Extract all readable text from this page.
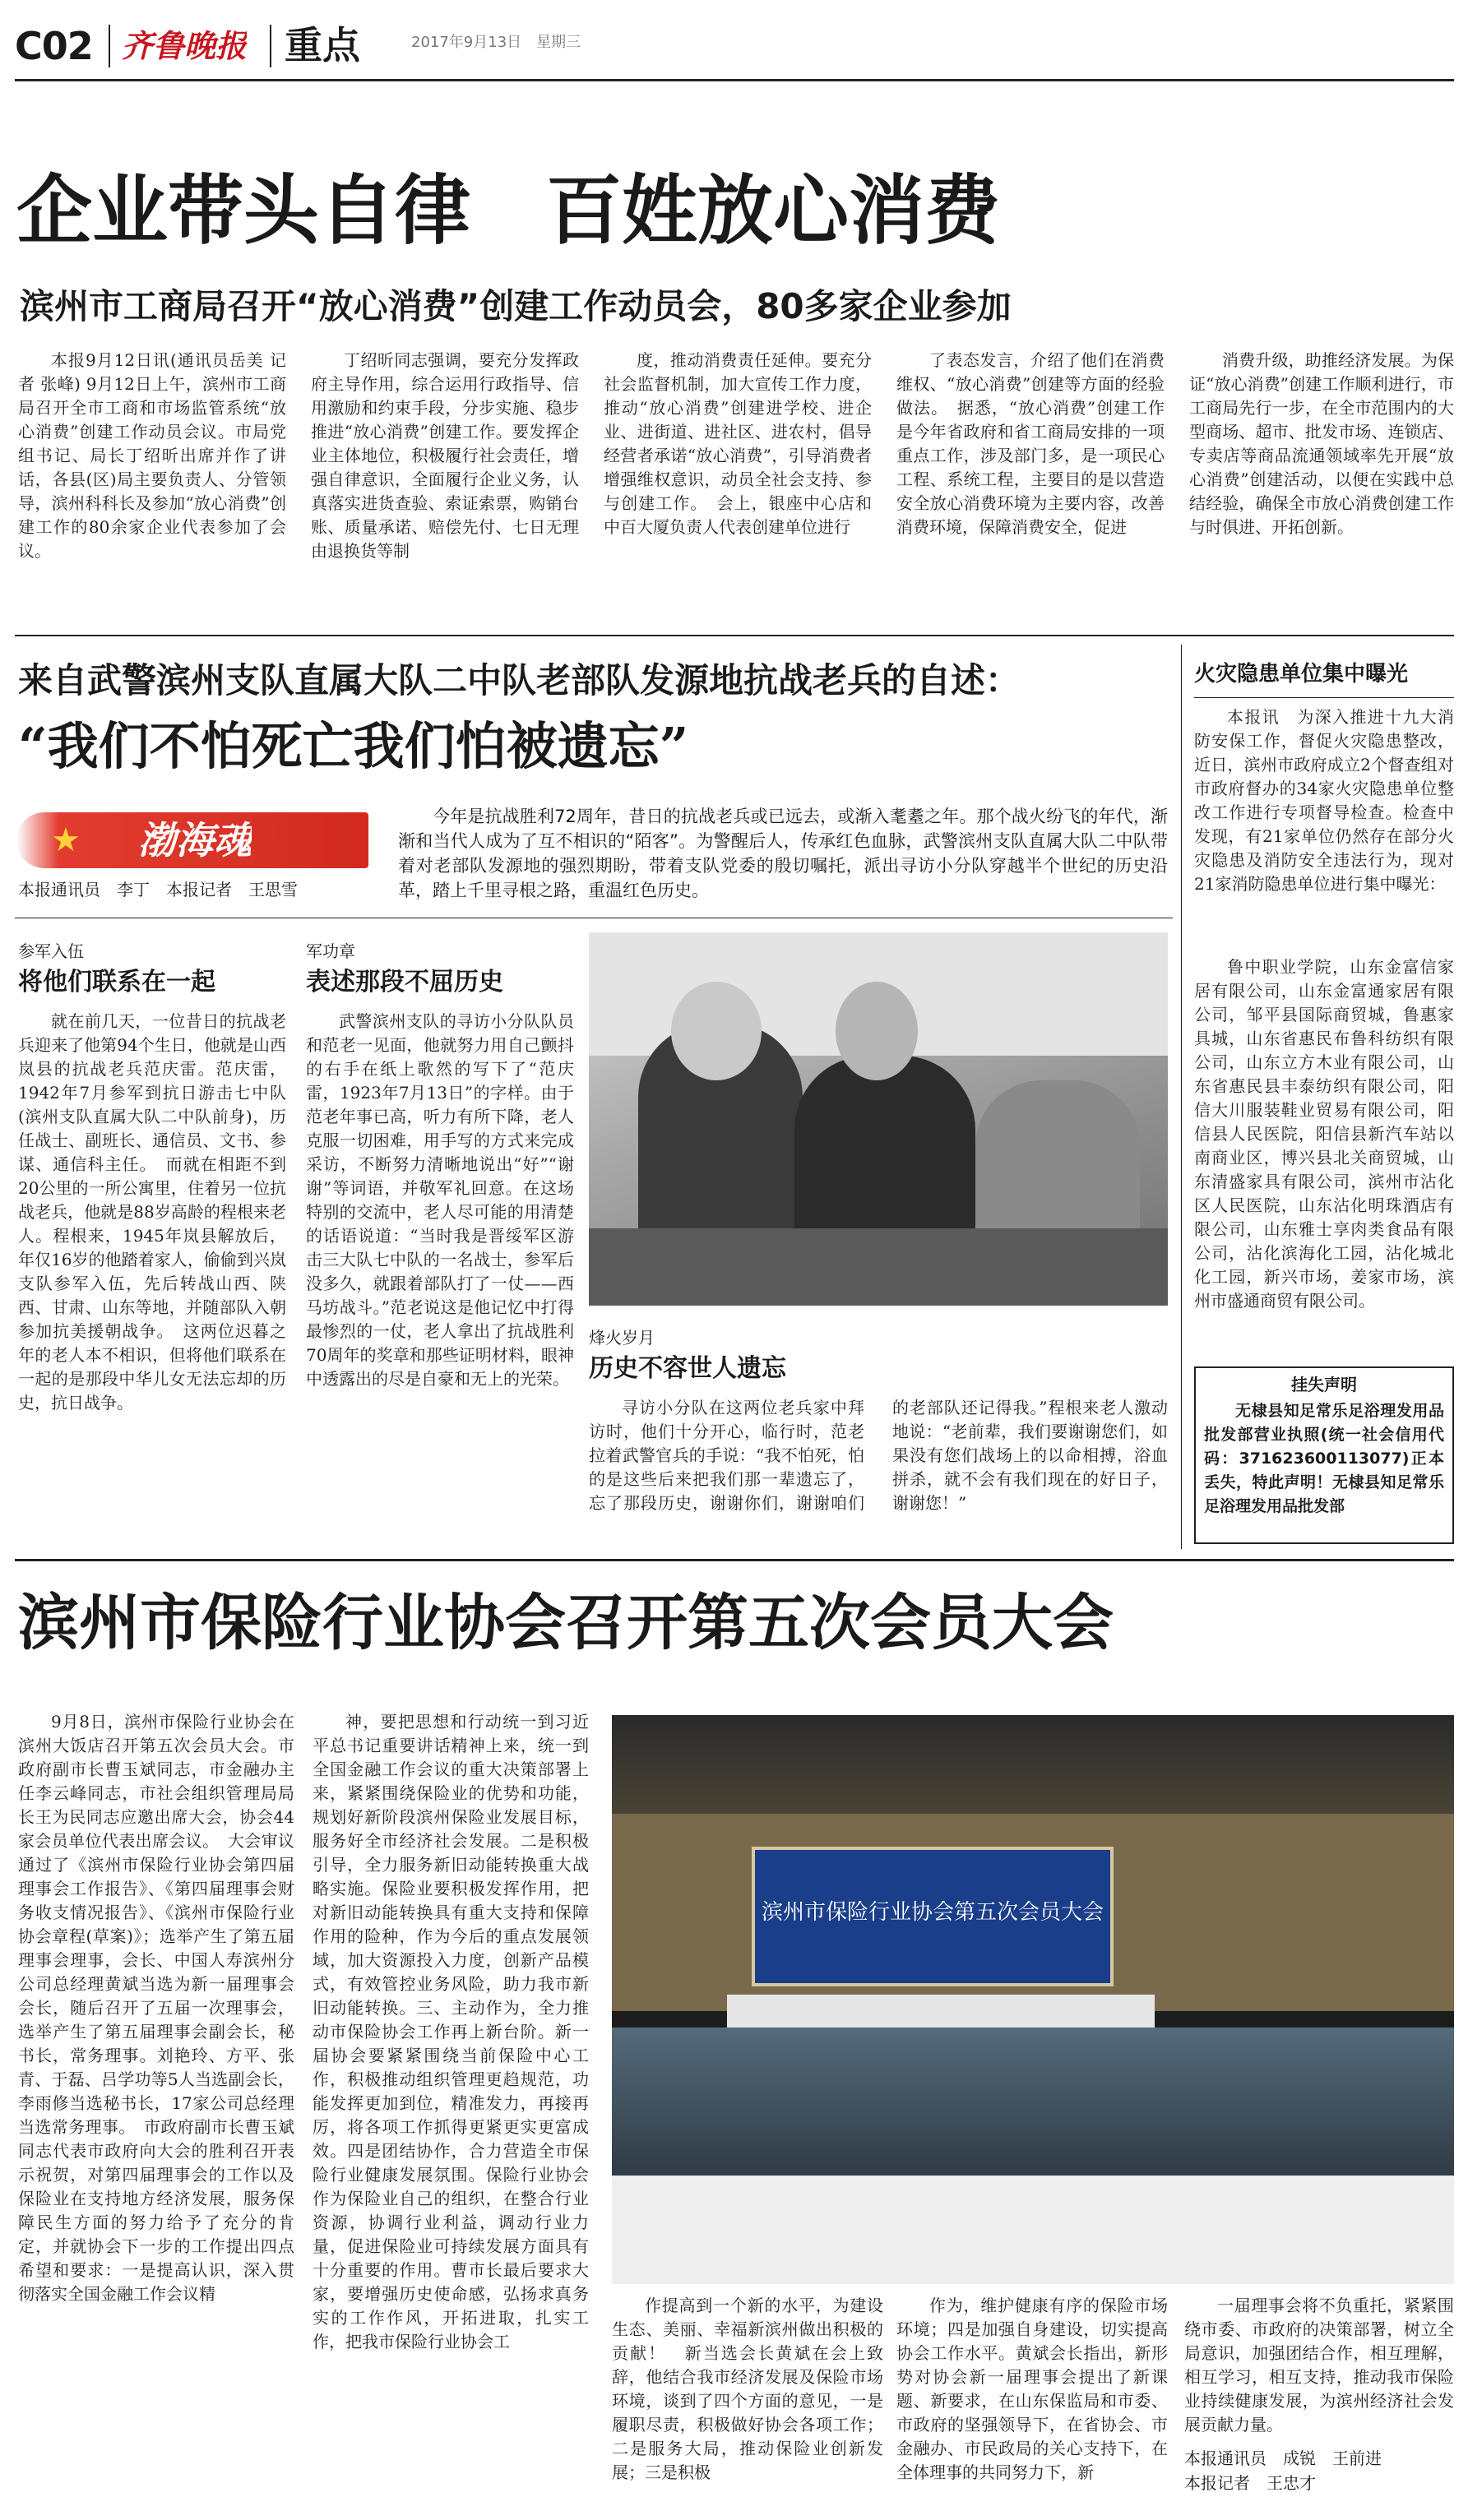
C02 齐鲁晚报 重点	2017年9月13日　星期三
企业带头自律　百姓放心消费
滨州市工商局召开“放心消费”创建工作动员会，80多家企业参加

本报9月12日讯(通讯员岳美 记者 张峰) 9月12日上午，滨州市工商局召开全市工商和市场监管系统“放心消费”创建工作动员会议。市局党组书记、局长丁绍昕出席并作了讲话，各县(区)局主要负责人、分管领导，滨州科科长及参加“放心消费”创建工作的80余家企业代表参加了会议。

丁绍昕同志强调，要充分发挥政府主导作用，综合运用行政指导、信用激励和约束手段，分步实施、稳步推进“放心消费”创建工作。要发挥企业主体地位，积极履行社会责任，增强自律意识，全面履行企业义务，认真落实进货查验、索证索票，购销台账、质量承诺、赔偿先付、七日无理由退换货等制

度，推动消费责任延伸。要充分社会监督机制，加大宣传工作力度，推动“放心消费”创建进学校、进企业、进街道、进社区、进农村，倡导经营者承诺“放心消费”，引导消费者增强维权意识，动员全社会支持、参与创建工作。　会上，银座中心店和中百大厦负责人代表创建单位进行

了表态发言，介绍了他们在消费维权、“放心消费”创建等方面的经验做法。　据悉，“放心消费”创建工作是今年省政府和省工商局安排的一项重点工作，涉及部门多，是一项民心工程、系统工程，主要目的是以营造安全放心消费环境为主要内容，改善消费环境，保障消费安全，促进

消费升级，助推经济发展。为保证“放心消费”创建工作顺利进行，市工商局先行一步，在全市范围内的大型商场、超市、批发市场、连锁店、专卖店等商品流通领域率先开展“放心消费”创建活动，以便在实践中总结经验，确保全市放心消费创建工作与时俱进、开拓创新。

来自武警滨州支队直属大队二中队老部队发源地抗战老兵的自述：
“我们不怕死亡我们怕被遗忘”
★ 渤海魂
本报通讯员　李丁　本报记者　王思雪

今年是抗战胜利72周年，昔日的抗战老兵或已远去，或渐入耄耋之年。那个战火纷飞的年代，渐渐和当代人成为了互不相识的“陌客”。为警醒后人，传承红色血脉，武警滨州支队直属大队二中队带着对老部队发源地的强烈期盼，带着支队党委的殷切嘱托，派出寻访小分队穿越半个世纪的历史沿革，踏上千里寻根之路，重温红色历史。

参军入伍
将他们联系在一起

就在前几天，一位昔日的抗战老兵迎来了他第94个生日，他就是山西岚县的抗战老兵范庆雷。范庆雷，1942年7月参军到抗日游击七中队(滨州支队直属大队二中队前身)，历任战士、副班长、通信员、文书、参谋、通信科主任。　而就在相距不到20公里的一所公寓里，住着另一位抗战老兵，他就是88岁高龄的程根来老人。程根来，1945年岚县解放后，年仅16岁的他踏着家人，偷偷到兴岚支队参军入伍，先后转战山西、陕西、甘肃、山东等地，并随部队入朝参加抗美援朝战争。　这两位迟暮之年的老人本不相识，但将他们联系在一起的是那段中华儿女无法忘却的历史，抗日战争。

军功章
表述那段不屈历史

武警滨州支队的寻访小分队队员和范老一见面，他就努力用自己颤抖的右手在纸上歌然的写下了“范庆雷，1923年7月13日”的字样。由于范老年事已高，听力有所下降，老人克服一切困难，用手写的方式来完成采访，不断努力清晰地说出“好”“谢谢”等词语，并敬军礼回意。在这场特别的交流中，老人尽可能的用清楚的话语说道：“当时我是晋绥军区游击三大队七中队的一名战士，参军后没多久，就跟着部队打了一仗——西马坊战斗。”范老说这是他记忆中打得最惨烈的一仗，老人拿出了抗战胜利70周年的奖章和那些证明材料，眼神中透露出的尽是自豪和无上的光荣。

烽火岁月
历史不容世人遗忘

寻访小分队在这两位老兵家中拜访时，他们十分开心，临行时，范老拉着武警官兵的手说：“我不怕死，怕的是这些后来把我们那一辈遗忘了，忘了那段历史，谢谢你们，谢谢咱们的老部队还记得我。”程根来老人激动地说：“老前辈，我们要谢谢您们，如果没有您们战场上的以命相搏，浴血拼杀，就不会有我们现在的好日子，谢谢您！”

火灾隐患单位集中曝光

本报讯　为深入推进十九大消防安保工作，督促火灾隐患整改，近日，滨州市政府成立2个督查组对市政府督办的34家火灾隐患单位整改工作进行专项督导检查。检查中发现，有21家单位仍然存在部分火灾隐患及消防安全违法行为，现对21家消防隐患单位进行集中曝光：

鲁中职业学院，山东金富信家居有限公司，山东金富通家居有限公司，邹平县国际商贸城，鲁惠家具城，山东省惠民布鲁科纺织有限公司，山东立方木业有限公司，山东省惠民县丰泰纺织有限公司，阳信大川服装鞋业贸易有限公司，阳信县人民医院，阳信县新汽车站以南商业区，博兴县北关商贸城，山东清盛家具有限公司，滨州市沾化区人民医院，山东沾化明珠酒店有限公司，山东雅士享肉类食品有限公司，沾化滨海化工园，沾化城北化工园，新兴市场，姜家市场，滨州市盛通商贸有限公司。

挂失声明
无棣县知足常乐足浴理发用品批发部营业执照(统一社会信用代码：371623600113077)正本丢失，特此声明！无棣县知足常乐足浴理发用品批发部
滨州市保险行业协会召开第五次会员大会

9月8日，滨州市保险行业协会在滨州大饭店召开第五次会员大会。市政府副市长曹玉斌同志，市金融办主任李云峰同志，市社会组织管理局局长王为民同志应邀出席大会，协会44家会员单位代表出席会议。　大会审议通过了《滨州市保险行业协会第四届理事会工作报告》、《第四届理事会财务收支情况报告》、《滨州市保险行业协会章程(草案)》；选举产生了第五届理事会理事，会长、中国人寿滨州分公司总经理黄斌当选为新一届理事会会长，随后召开了五届一次理事会，选举产生了第五届理事会副会长，秘书长，常务理事。刘艳玲、方平、张青、于磊、吕学功等5人当选副会长，李雨修当选秘书长，17家公司总经理当选常务理事。　市政府副市长曹玉斌同志代表市政府向大会的胜利召开表示祝贺，对第四届理事会的工作以及保险业在支持地方经济发展，服务保障民生方面的努力给予了充分的肯定，并就协会下一步的工作提出四点希望和要求：一是提高认识，深入贯彻落实全国金融工作会议精

神，要把思想和行动统一到习近平总书记重要讲话精神上来，统一到全国金融工作会议的重大决策部署上来，紧紧围绕保险业的优势和功能，规划好新阶段滨州保险业发展目标，服务好全市经济社会发展。二是积极引导，全力服务新旧动能转换重大战略实施。保险业要积极发挥作用，把对新旧动能转换具有重大支持和保障作用的险种，作为今后的重点发展领域，加大资源投入力度，创新产品模式，有效管控业务风险，助力我市新旧动能转换。三、主动作为，全力推动市保险协会工作再上新台阶。新一届协会要紧紧围绕当前保险中心工作，积极推动组织管理更趋规范，功能发挥更加到位，精准发力，再接再厉，将各项工作抓得更紧更实更富成效。四是团结协作，合力营造全市保险行业健康发展氛围。保险行业协会作为保险业自己的组织，在整合行业资源，协调行业利益，调动行业力量，促进保险业可持续发展方面具有十分重要的作用。曹市长最后要求大家，要增强历史使命感，弘扬求真务实的工作作风，开拓进取，扎实工作，把我市保险行业协会工

滨州市保险行业协会第五次会员大会

作提高到一个新的水平，为建设生态、美丽、幸福新滨州做出积极的贡献！　新当选会长黄斌在会上致辞，他结合我市经济发展及保险市场环境，谈到了四个方面的意见，一是履职尽责，积极做好协会各项工作；二是服务大局，推动保险业创新发展；三是积极

作为，维护健康有序的保险市场环境；四是加强自身建设，切实提高协会工作水平。黄斌会长指出，新形势对协会新一届理事会提出了新课题、新要求，在山东保监局和市委、市政府的坚强领导下，在省协会、市金融办、市民政局的关心支持下，在全体理事的共同努力下，新

一届理事会将不负重托，紧紧围绕市委、市政府的决策部署，树立全局意识，加强团结合作，相互理解，相互学习，相互支持，推动我市保险业持续健康发展，为滨州经济社会发展贡献力量。

本报通讯员　成锐　王前进
本报记者　王忠才
